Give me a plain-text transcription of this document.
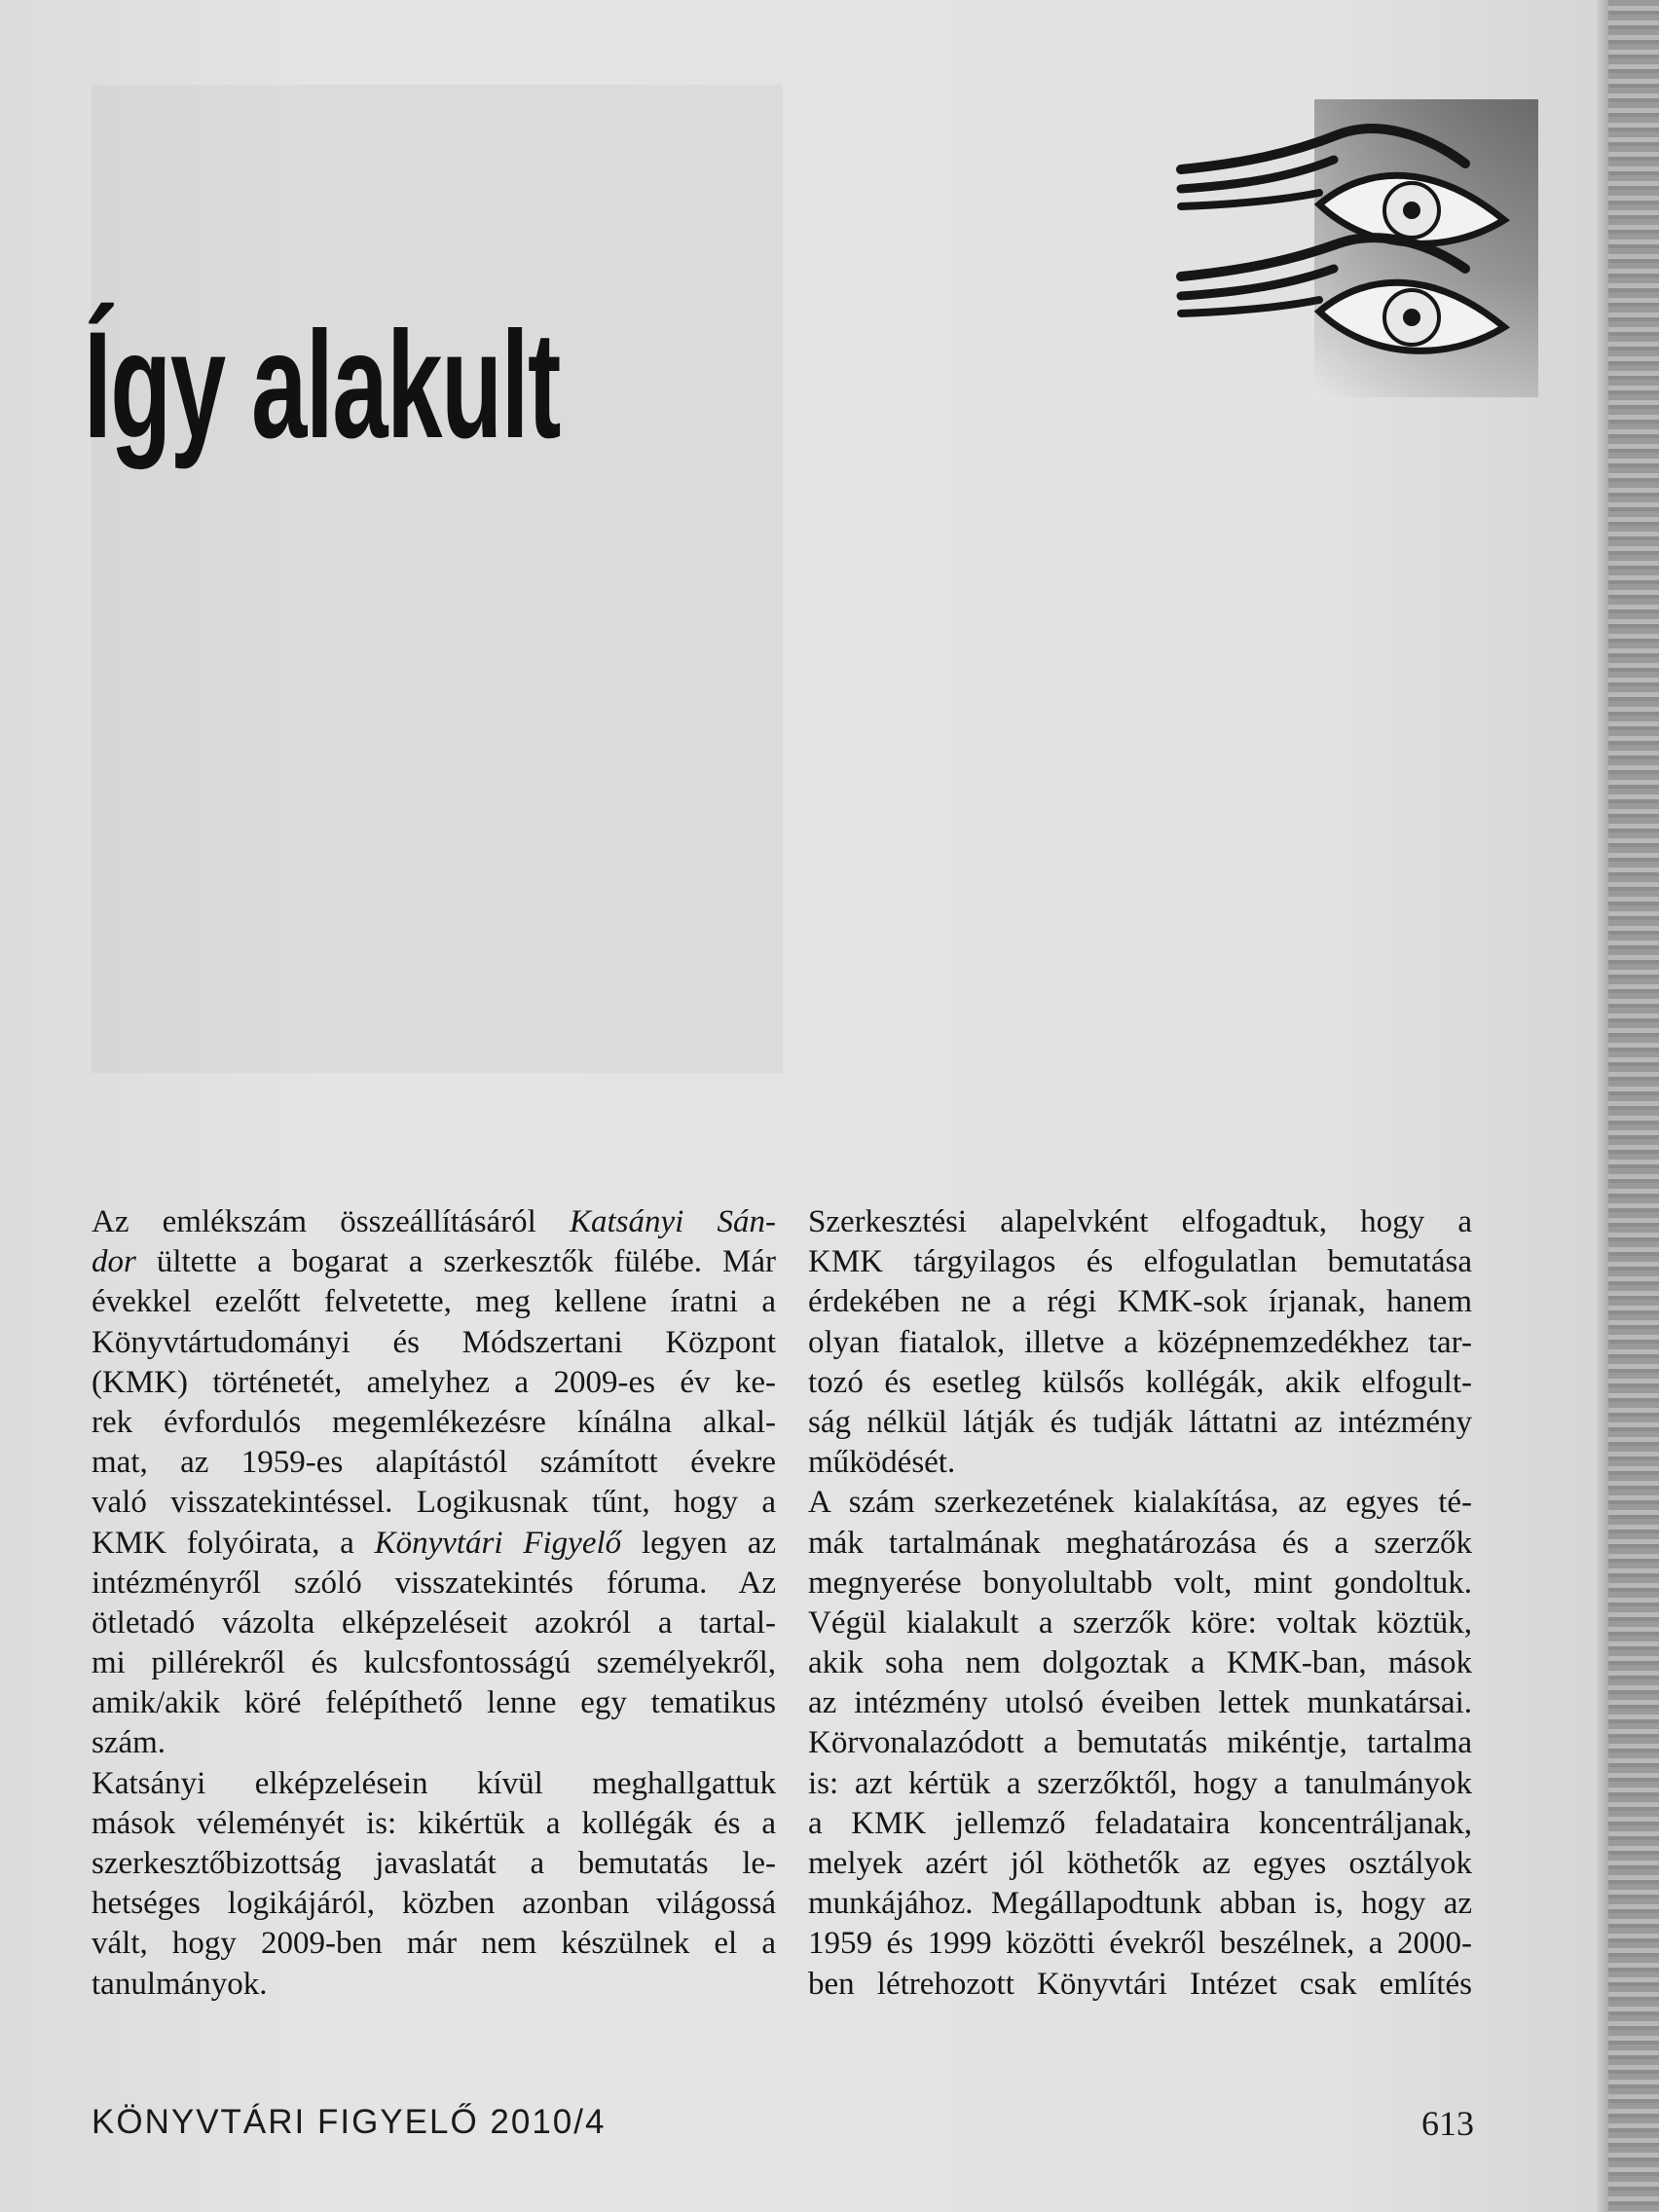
Így alakult
Az emlékszám összeállításáról Katsányi Sán-
dor ültette a bogarat a szerkesztők fülébe. Már
évekkel ezelőtt felvetette, meg kellene íratni a
Könyvtártudományi és Módszertani Központ
(KMK) történetét, amelyhez a 2009-es év ke-
rek évfordulós megemlékezésre kínálna alkal-
mat, az 1959-es alapítástól számított évekre
való visszatekintéssel. Logikusnak tűnt, hogy a
KMK folyóirata, a Könyvtári Figyelő legyen az
intézményről szóló visszatekintés fóruma. Az
ötletadó vázolta elképzeléseit azokról a tartal-
mi pillérekről és kulcsfontosságú személyekről,
amik/akik köré felépíthető lenne egy tematikus
szám.
Katsányi elképzelésein kívül meghallgattuk
mások véleményét is: kikértük a kollégák és a
szerkesztőbizottság javaslatát a bemutatás le-
hetséges logikájáról, közben azonban világossá
vált, hogy 2009-ben már nem készülnek el a
tanulmányok.
Szerkesztési alapelvként elfogadtuk, hogy a
KMK tárgyilagos és elfogulatlan bemutatása
érdekében ne a régi KMK-sok írjanak, hanem
olyan fiatalok, illetve a középnemzedékhez tar-
tozó és esetleg külsős kollégák, akik elfogult-
ság nélkül látják és tudják láttatni az intézmény
működését.
A szám szerkezetének kialakítása, az egyes té-
mák tartalmának meghatározása és a szerzők
megnyerése bonyolultabb volt, mint gondoltuk.
Végül kialakult a szerzők köre: voltak köztük,
akik soha nem dolgoztak a KMK-ban, mások
az intézmény utolsó éveiben lettek munkatársai.
Körvonalazódott a bemutatás mikéntje, tartalma
is: azt kértük a szerzőktől, hogy a tanulmányok
a KMK jellemző feladataira koncentráljanak,
melyek azért jól köthetők az egyes osztályok
munkájához. Megállapodtunk abban is, hogy az
1959 és 1999 közötti évekről beszélnek, a 2000-
ben létrehozott Könyvtári Intézet csak említés
KÖNYVTÁRI FIGYELŐ 2010/4	613
